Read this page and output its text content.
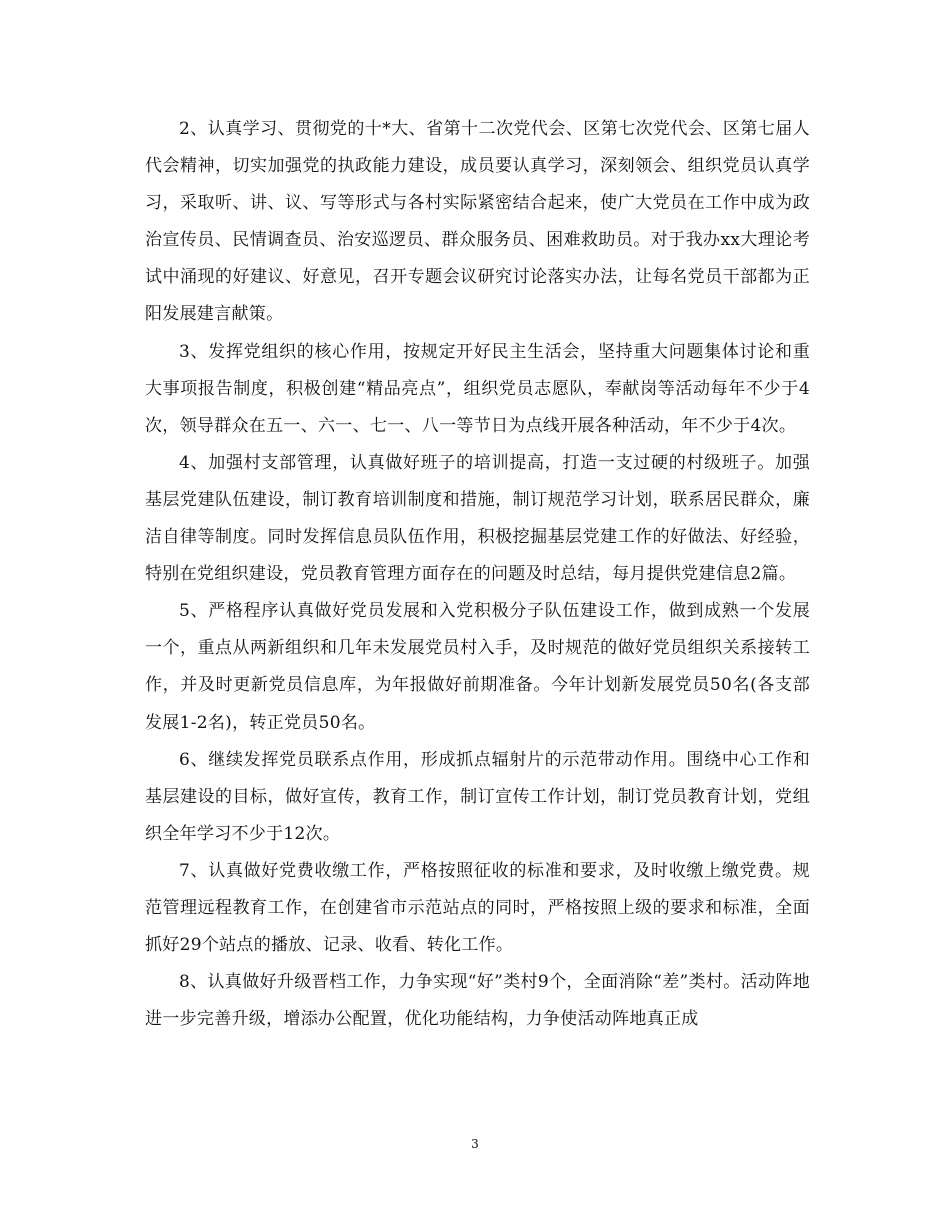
2、认真学习、贯彻党的十*大、省第十二次党代会、区第七次党代会、区第七届人代会精神，切实加强党的执政能力建设，成员要认真学习，深刻领会、组织党员认真学习，采取听、讲、议、写等形式与各村实际紧密结合起来，使广大党员在工作中成为政治宣传员、民情调查员、治安巡逻员、群众服务员、困难救助员。对于我办xx大理论考试中涌现的好建议、好意见，召开专题会议研究讨论落实办法，让每名党员干部都为正阳发展建言献策。

3、发挥党组织的核心作用，按规定开好民主生活会，坚持重大问题集体讨论和重大事项报告制度，积极创建“精品亮点”，组织党员志愿队，奉献岗等活动每年不少于4次，领导群众在五一、六一、七一、八一等节日为点线开展各种活动，年不少于4次。

4、加强村支部管理，认真做好班子的培训提高，打造一支过硬的村级班子。加强基层党建队伍建设，制订教育培训制度和措施，制订规范学习计划，联系居民群众，廉洁自律等制度。同时发挥信息员队伍作用，积极挖掘基层党建工作的好做法、好经验，特别在党组织建设，党员教育管理方面存在的问题及时总结，每月提供党建信息2篇。

5、严格程序认真做好党员发展和入党积极分子队伍建设工作，做到成熟一个发展一个，重点从两新组织和几年未发展党员村入手，及时规范的做好党员组织关系接转工作，并及时更新党员信息库，为年报做好前期准备。今年计划新发展党员50名(各支部发展1-2名)，转正党员50名。

6、继续发挥党员联系点作用，形成抓点辐射片的示范带动作用。围绕中心工作和基层建设的目标，做好宣传，教育工作，制订宣传工作计划，制订党员教育计划，党组织全年学习不少于12次。

7、认真做好党费收缴工作，严格按照征收的标准和要求，及时收缴上缴党费。规范管理远程教育工作，在创建省市示范站点的同时，严格按照上级的要求和标准，全面抓好29个站点的播放、记录、收看、转化工作。

8、认真做好升级晋档工作，力争实现“好”类村9个，全面消除“差”类村。活动阵地进一步完善升级，增添办公配置，优化功能结构，力争使活动阵地真正成

3
